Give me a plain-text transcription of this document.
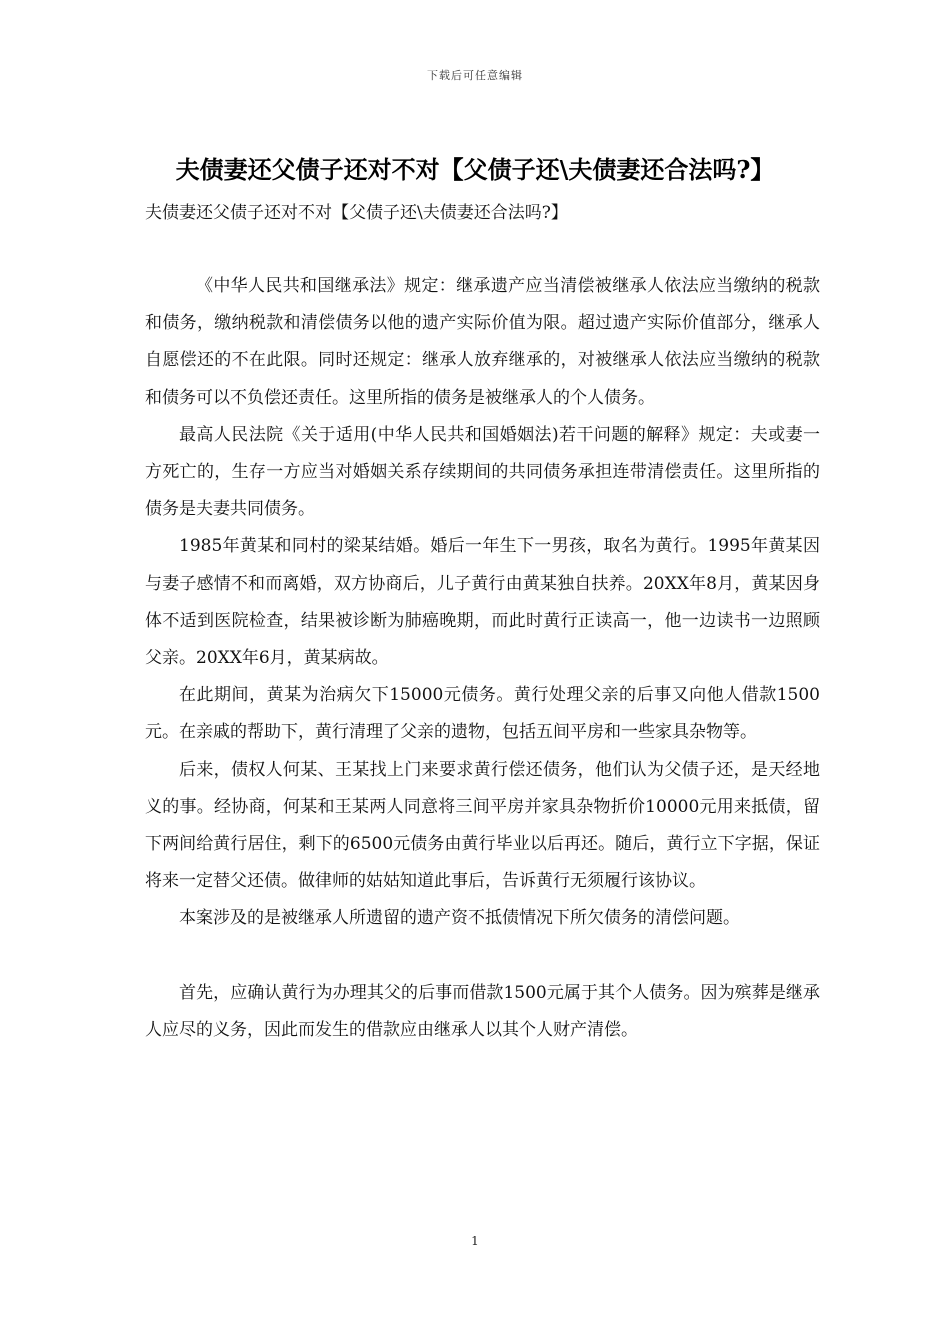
下载后可任意编辑
夫债妻还父债子还对不对【父债子还\夫债妻还合法吗?】
夫债妻还父债子还对不对【父债子还\夫债妻还合法吗?】

《中华人民共和国继承法》规定：继承遗产应当清偿被继承人依法应当缴纳的税款和债务，缴纳税款和清偿债务以他的遗产实际价值为限。超过遗产实际价值部分，继承人自愿偿还的不在此限。同时还规定：继承人放弃继承的，对被继承人依法应当缴纳的税款和债务可以不负偿还责任。这里所指的债务是被继承人的个人债务。

最高人民法院《关于适用(中华人民共和国婚姻法)若干问题的解释》规定：夫或妻一方死亡的，生存一方应当对婚姻关系存续期间的共同债务承担连带清偿责任。这里所指的债务是夫妻共同债务。

1985年黄某和同村的梁某结婚。婚后一年生下一男孩，取名为黄行。1995年黄某因与妻子感情不和而离婚，双方协商后，儿子黄行由黄某独自扶养。20XX年8月，黄某因身体不适到医院检查，结果被诊断为肺癌晚期，而此时黄行正读高一，他一边读书一边照顾父亲。20XX年6月，黄某病故。

在此期间，黄某为治病欠下15000元债务。黄行处理父亲的后事又向他人借款1500元。在亲戚的帮助下，黄行清理了父亲的遗物，包括五间平房和一些家具杂物等。

后来，债权人何某、王某找上门来要求黄行偿还债务，他们认为父债子还，是天经地义的事。经协商，何某和王某两人同意将三间平房并家具杂物折价10000元用来抵债，留下两间给黄行居住，剩下的6500元债务由黄行毕业以后再还。随后，黄行立下字据，保证将来一定替父还债。做律师的姑姑知道此事后，告诉黄行无须履行该协议。

本案涉及的是被继承人所遗留的遗产资不抵债情况下所欠债务的清偿问题。

首先，应确认黄行为办理其父的后事而借款1500元属于其个人债务。因为殡葬是继承人应尽的义务，因此而发生的借款应由继承人以其个人财产清偿。

1
